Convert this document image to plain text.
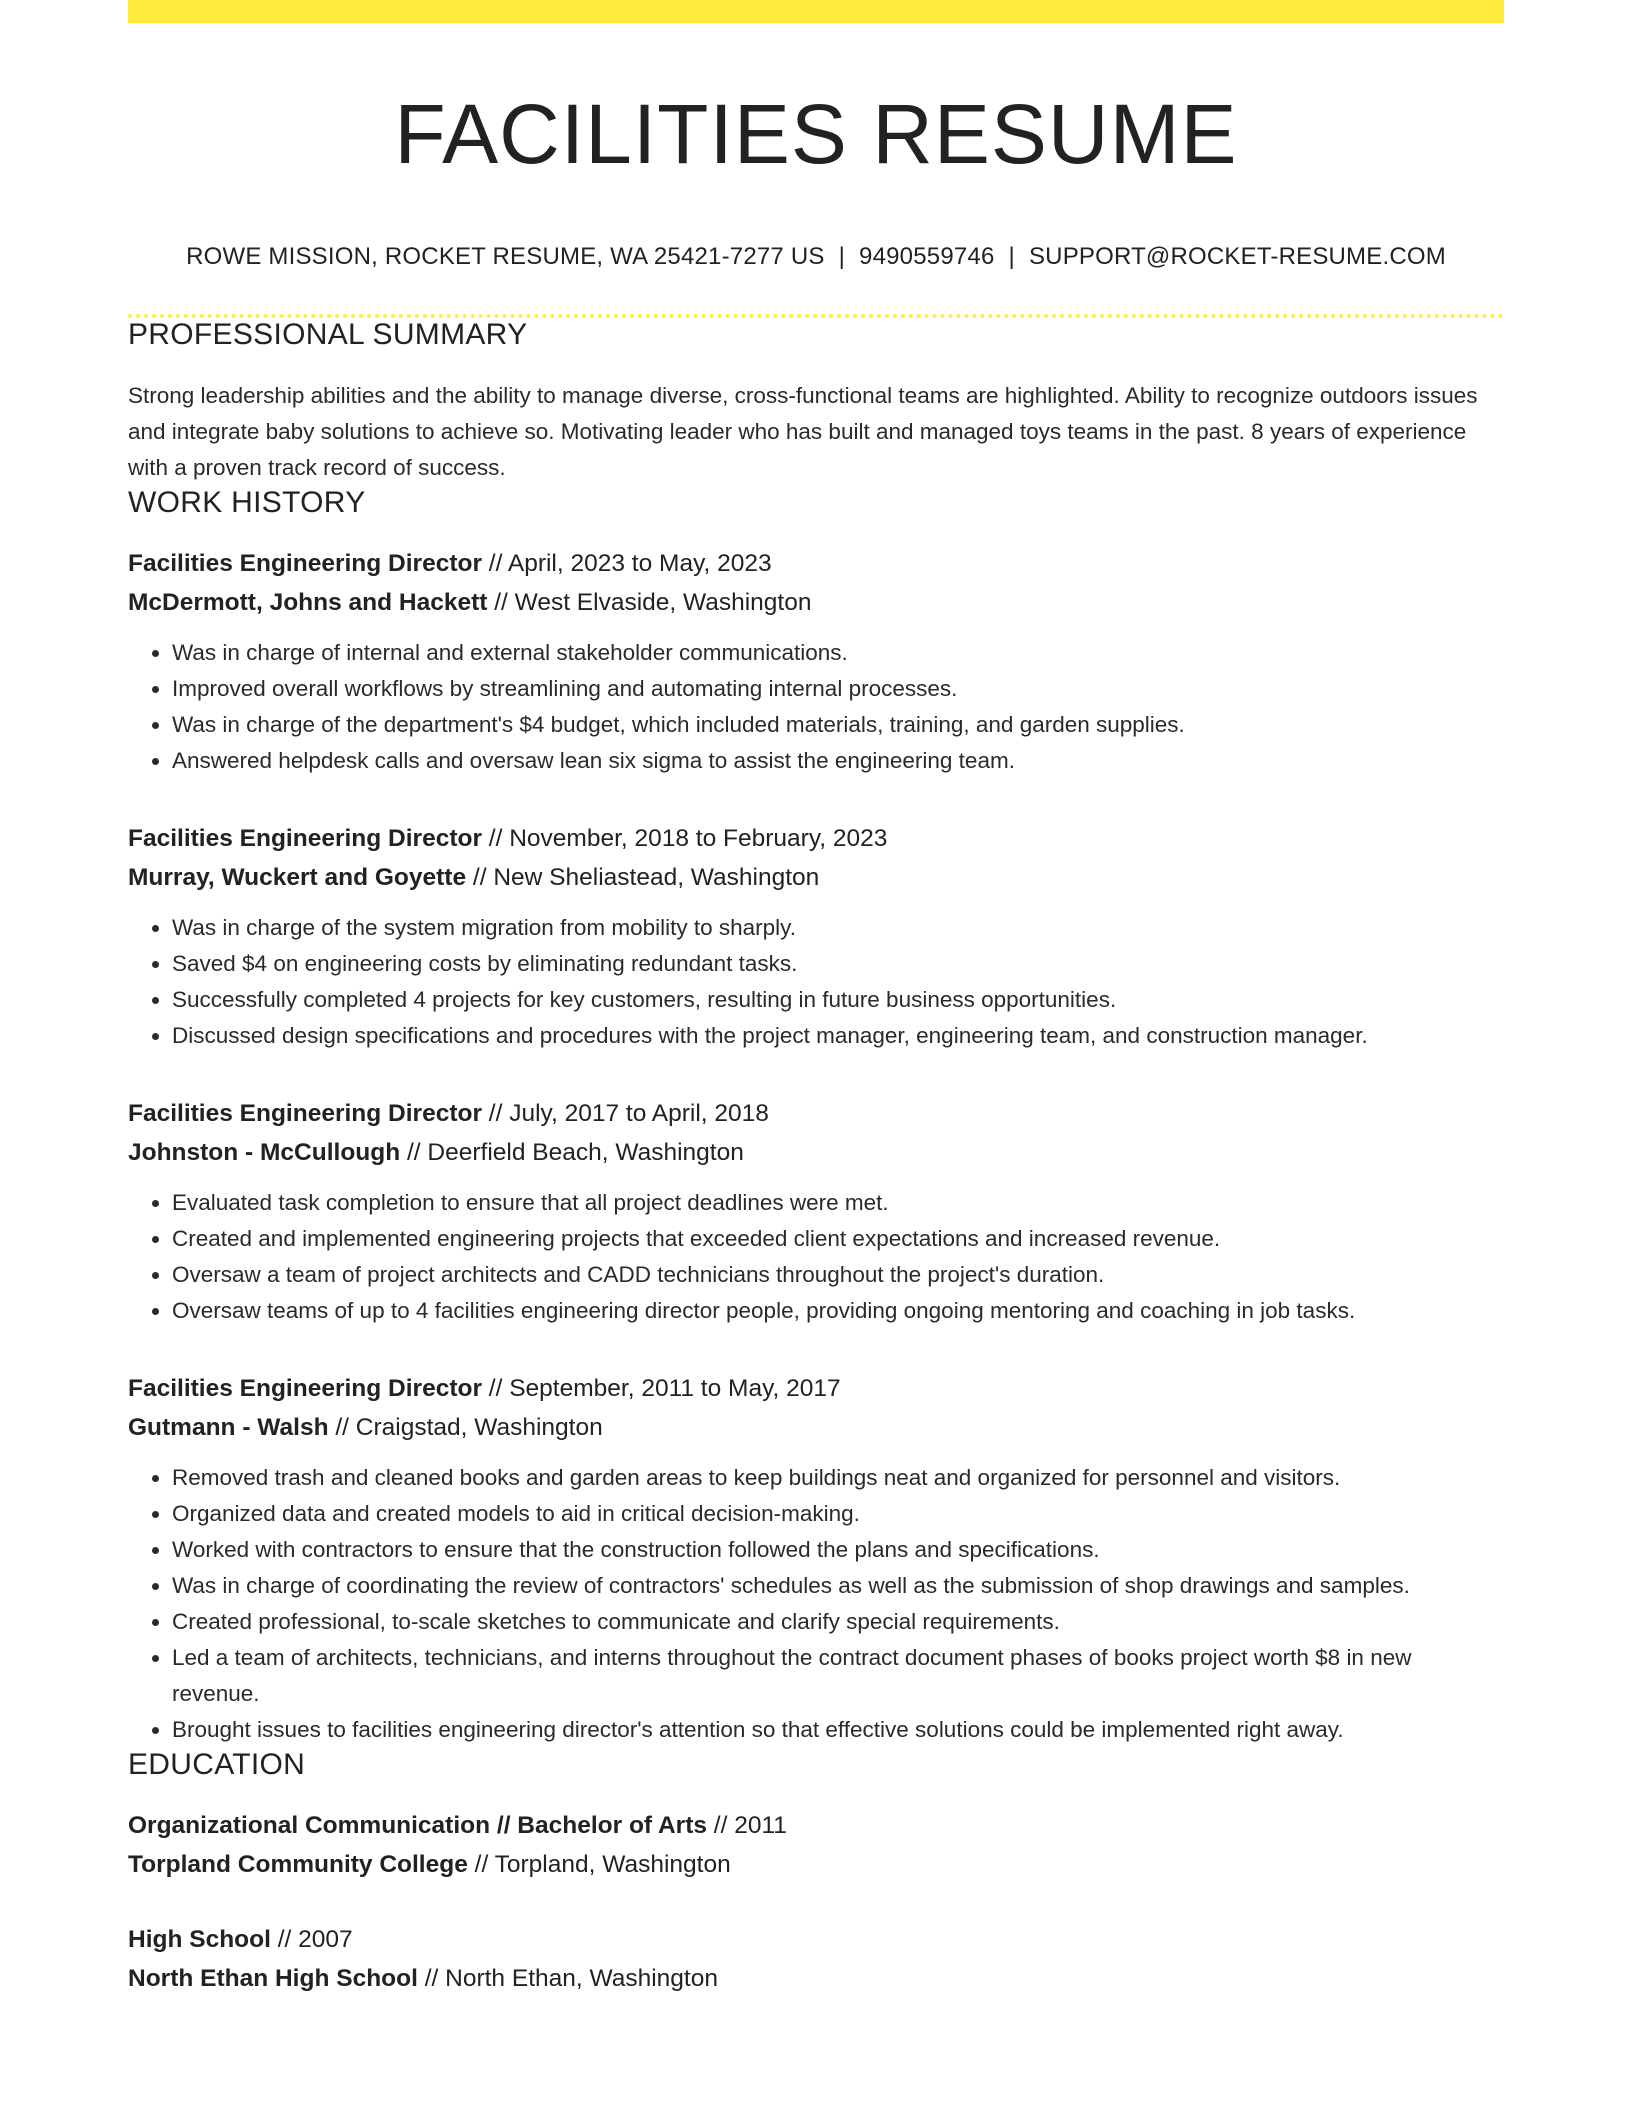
FACILITIES RESUME
ROWE MISSION, ROCKET RESUME, WA 25421-7277 US | 9490559746 | SUPPORT@ROCKET-RESUME.COM
PROFESSIONAL SUMMARY

Strong leadership abilities and the ability to manage diverse, cross-functional teams are highlighted. Ability to recognize outdoors issues and integrate baby solutions to achieve so. Motivating leader who has built and managed toys teams in the past. 8 years of experience with a proven track record of success.

WORK HISTORY
Facilities Engineering Director // April, 2023 to May, 2023
McDermott, Johns and Hackett // West Elvaside, Washington
• Was in charge of internal and external stakeholder communications.
• Improved overall workflows by streamlining and automating internal processes.
• Was in charge of the department's $4 budget, which included materials, training, and garden supplies.
• Answered helpdesk calls and oversaw lean six sigma to assist the engineering team.
Facilities Engineering Director // November, 2018 to February, 2023
Murray, Wuckert and Goyette // New Sheliastead, Washington
• Was in charge of the system migration from mobility to sharply.
• Saved $4 on engineering costs by eliminating redundant tasks.
• Successfully completed 4 projects for key customers, resulting in future business opportunities.
• Discussed design specifications and procedures with the project manager, engineering team, and construction manager.
Facilities Engineering Director // July, 2017 to April, 2018
Johnston - McCullough // Deerfield Beach, Washington
• Evaluated task completion to ensure that all project deadlines were met.
• Created and implemented engineering projects that exceeded client expectations and increased revenue.
• Oversaw a team of project architects and CADD technicians throughout the project's duration.
• Oversaw teams of up to 4 facilities engineering director people, providing ongoing mentoring and coaching in job tasks.
Facilities Engineering Director // September, 2011 to May, 2017
Gutmann - Walsh // Craigstad, Washington
• Removed trash and cleaned books and garden areas to keep buildings neat and organized for personnel and visitors.
• Organized data and created models to aid in critical decision-making.
• Worked with contractors to ensure that the construction followed the plans and specifications.
• Was in charge of coordinating the review of contractors' schedules as well as the submission of shop drawings and samples.
• Created professional, to-scale sketches to communicate and clarify special requirements.
• Led a team of architects, technicians, and interns throughout the contract document phases of books project worth $8 in new revenue.
• Brought issues to facilities engineering director's attention so that effective solutions could be implemented right away.
EDUCATION
Organizational Communication // Bachelor of Arts // 2011
Torpland Community College // Torpland, Washington
High School // 2007
North Ethan High School // North Ethan, Washington
